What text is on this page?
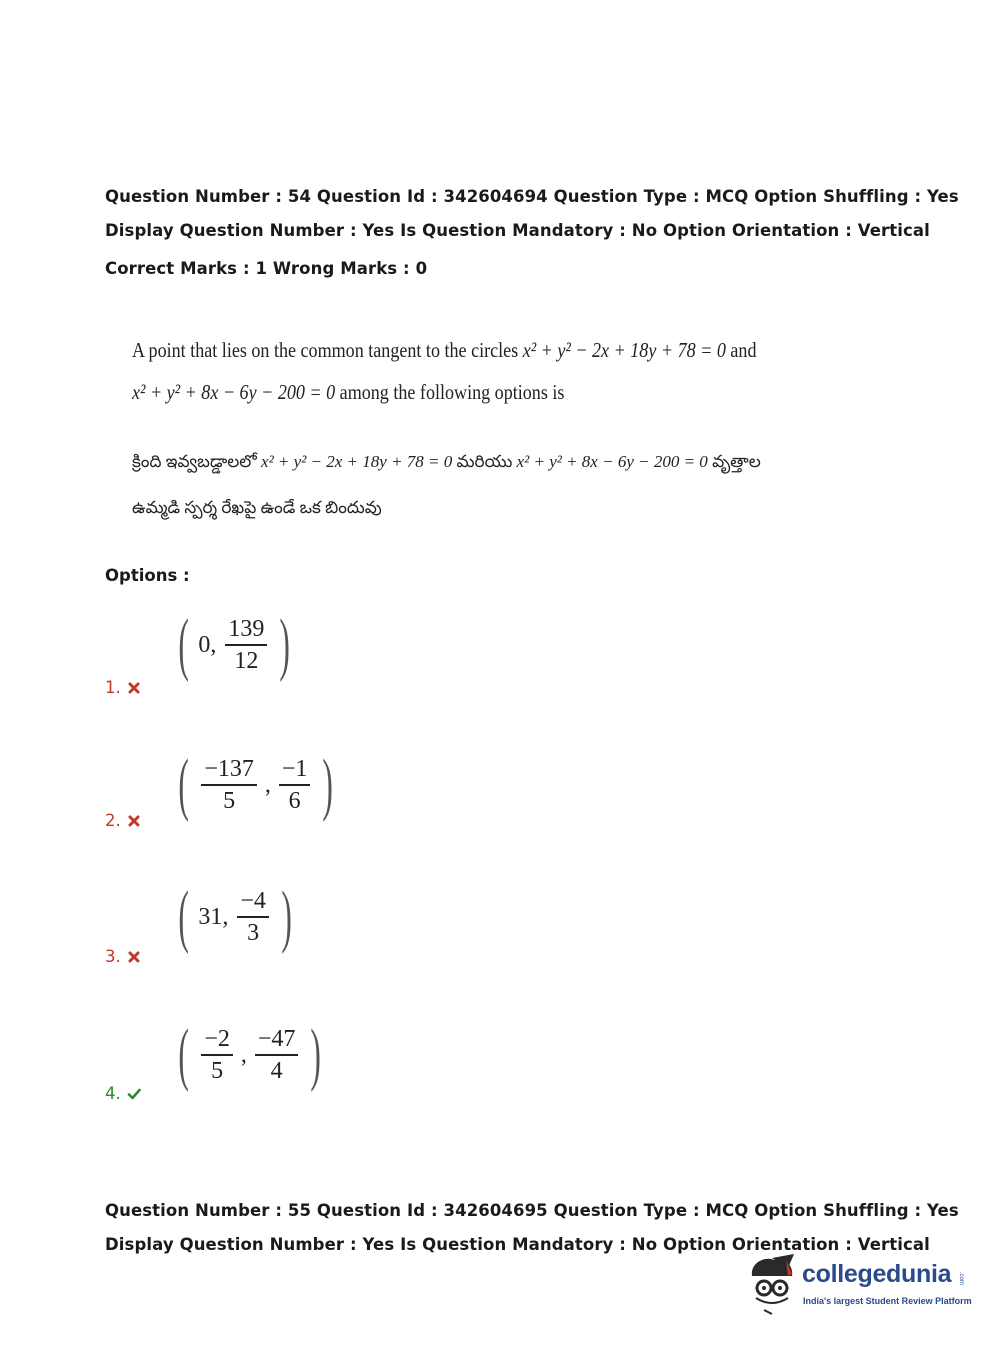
Question Number : 54 Question Id : 342604694 Question Type : MCQ Option Shuffling : Yes
Display Question Number : Yes Is Question Mandatory : No Option Orientation : Vertical
Correct Marks : 1 Wrong Marks : 0
A point that lies on the common tangent to the circles x² + y² − 2x + 18y + 78 = 0 and
x² + y² + 8x − 6y − 200 = 0 among the following options is
క్రింది ఇవ్వబడ్డాలలో x² + y² − 2x + 18y + 78 = 0 మరియు x² + y² + 8x − 6y − 200 = 0 వృత్తాల
ఉమ్మడి స్పర్శ రేఖపై ఉండే ఒక బిందువు
Options :
( 0, $\frac{139}{12}$ )
1.
( $\frac{-137}{5}$ , $\frac{-1}{6}$ )
2.
( 31, $\frac{-4}{3}$ )
3.
( $\frac{-2}{5}$ , $\frac{-47}{4}$ )
4.
Question Number : 55 Question Id : 342604695 Question Type : MCQ Option Shuffling : Yes
Display Question Number : Yes Is Question Mandatory : No Option Orientation : Vertical
collegedunia .com
India's largest Student Review Platform
